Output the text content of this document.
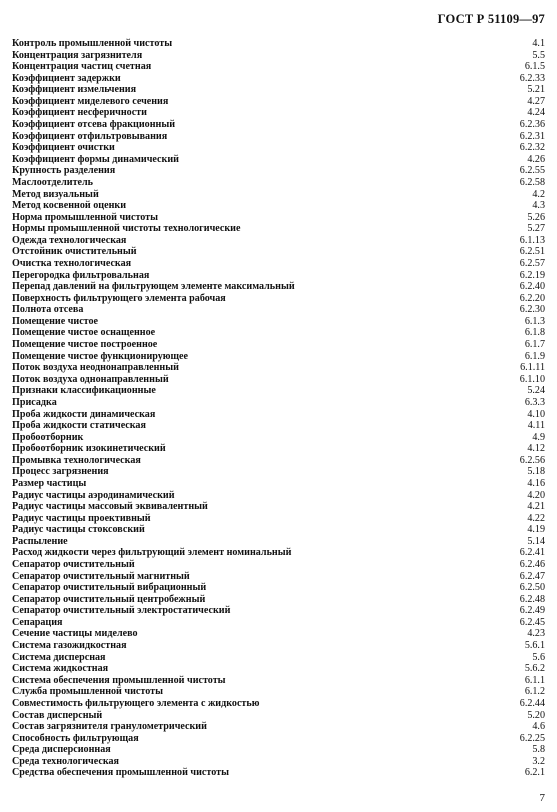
ГОСТ Р 51109—97
Контроль промышленной чистоты	4.1
Концентрация загрязнителя	5.5
Концентрация частиц счетная	6.1.5
Коэффициент задержки	6.2.33
Коэффициент измельчения	5.21
Коэффициент миделевого сечения	4.27
Коэффициент несферичности	4.24
Коэффициент отсева фракционный	6.2.36
Коэффициент отфильтровывания	6.2.31
Коэффициент очистки	6.2.32
Коэффициент формы динамический	4.26
Крупность разделения	6.2.55
Маслоотделитель	6.2.58
Метод визуальный	4.2
Метод косвенной оценки	4.3
Норма промышленной чистоты	5.26
Нормы промышленной чистоты технологические	5.27
Одежда технологическая	6.1.13
Отстойник очистительный	6.2.51
Очистка технологическая	6.2.57
Перегородка фильтровальная	6.2.19
Перепад давлений на фильтрующем элементе максимальный	6.2.40
Поверхность фильтрующего элемента рабочая	6.2.20
Полнота отсева	6.2.30
Помещение чистое	6.1.3
Помещение чистое оснащенное	6.1.8
Помещение чистое построенное	6.1.7
Помещение чистое функционирующее	6.1.9
Поток воздуха неоднонаправленный	6.1.11
Поток воздуха однонаправленный	6.1.10
Признаки классификационные	5.24
Присадка	6.3.3
Проба жидкости динамическая	4.10
Проба жидкости статическая	4.11
Пробоотборник	4.9
Пробоотборник изокинетический	4.12
Промывка технологическая	6.2.56
Процесс загрязнения	5.18
Размер частицы	4.16
Радиус частицы аэродинамический	4.20
Радиус частицы массовый эквивалентный	4.21
Радиус частицы проективный	4.22
Радиус частицы стоксовский	4.19
Распыление	5.14
Расход жидкости через фильтрующий элемент номинальный	6.2.41
Сепаратор очистительный	6.2.46
Сепаратор очистительный магнитный	6.2.47
Сепаратор очистительный вибрационный	6.2.50
Сепаратор очистительный центробежный	6.2.48
Сепаратор очистительный электростатический	6.2.49
Сепарация	6.2.45
Сечение частицы миделево	4.23
Система газожидкостная	5.6.1
Система дисперсная	5.6
Система жидкостная	5.6.2
Система обеспечения промышленной чистоты	6.1.1
Служба промышленной чистоты	6.1.2
Совместимость фильтрующего элемента с жидкостью	6.2.44
Состав дисперсный	5.20
Состав загрязнителя гранулометрический	4.6
Способность фильтрующая	6.2.25
Среда дисперсионная	5.8
Среда технологическая	3.2
Средства обеспечения промышленной чистоты	6.2.1
7
